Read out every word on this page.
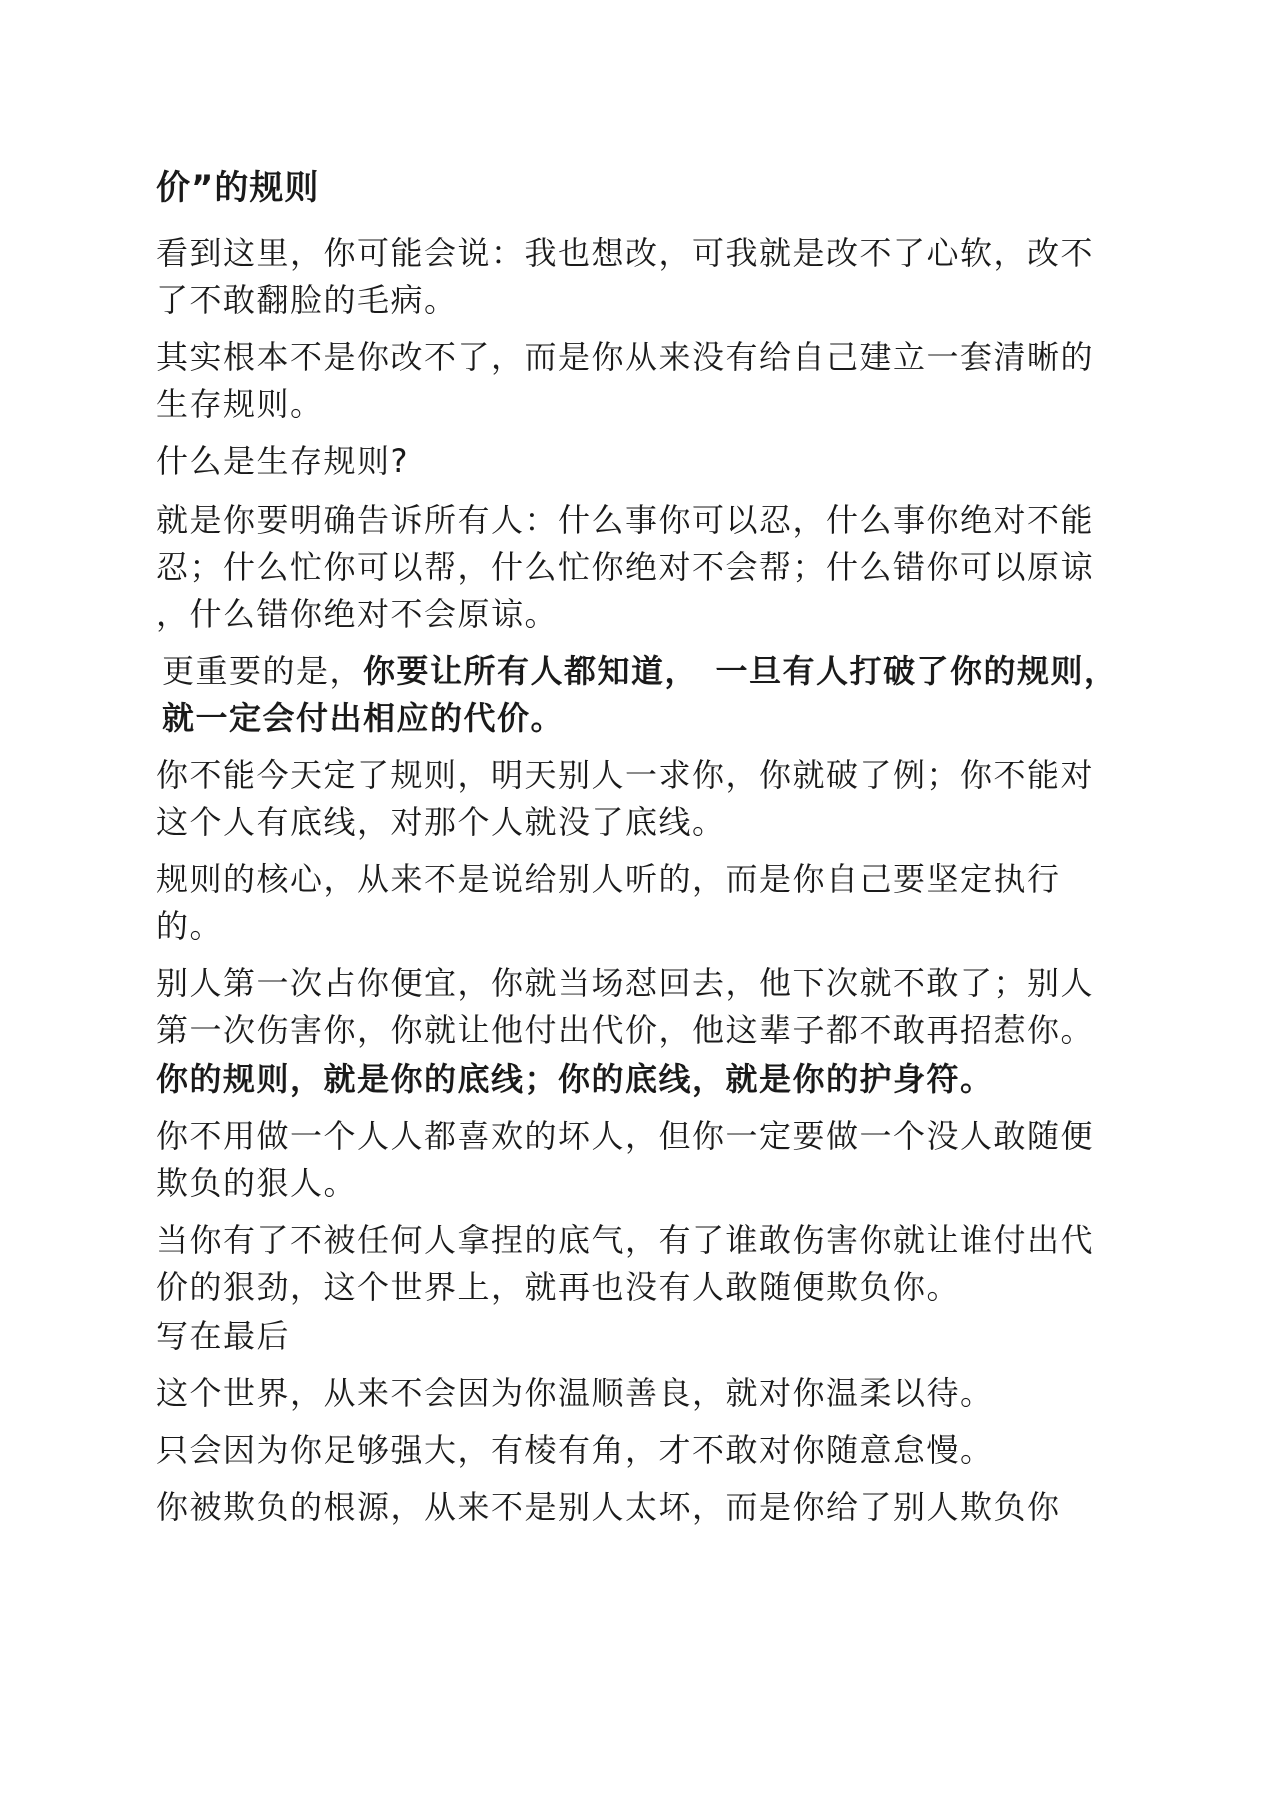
价”的规则

看到这里，你可能会说：我也想改，可我就是改不了心软，改不了不敢翻脸的毛病。

其实根本不是你改不了，而是你从来没有给自己建立一套清晰的生存规则。

什么是生存规则?

就是你要明确告诉所有人：什么事你可以忍，什么事你绝对不能忍；什么忙你可以帮，什么忙你绝对不会帮；什么错你可以原谅 ，什么错你绝对不会原谅。

更重要的是，你要让所有人都知道，　一旦有人打破了你的规则，就一定会付出相应的代价。

你不能今天定了规则，明天别人一求你，你就破了例；你不能对这个人有底线，对那个人就没了底线。

规则的核心，从来不是说给别人听的，而是你自己要坚定执行的。

别人第一次占你便宜，你就当场怼回去，他下次就不敢了；别人第一次伤害你，你就让他付出代价，他这辈子都不敢再招惹你。

你的规则，就是你的底线；你的底线，就是你的护身符。

你不用做一个人人都喜欢的坏人，但你一定要做一个没人敢随便欺负的狠人。

当你有了不被任何人拿捏的底气，有了谁敢伤害你就让谁付出代价的狠劲，这个世界上，就再也没有人敢随便欺负你。

写在最后

这个世界，从来不会因为你温顺善良，就对你温柔以待。

只会因为你足够强大，有棱有角，才不敢对你随意怠慢。

你被欺负的根源，从来不是别人太坏，而是你给了别人欺负你
